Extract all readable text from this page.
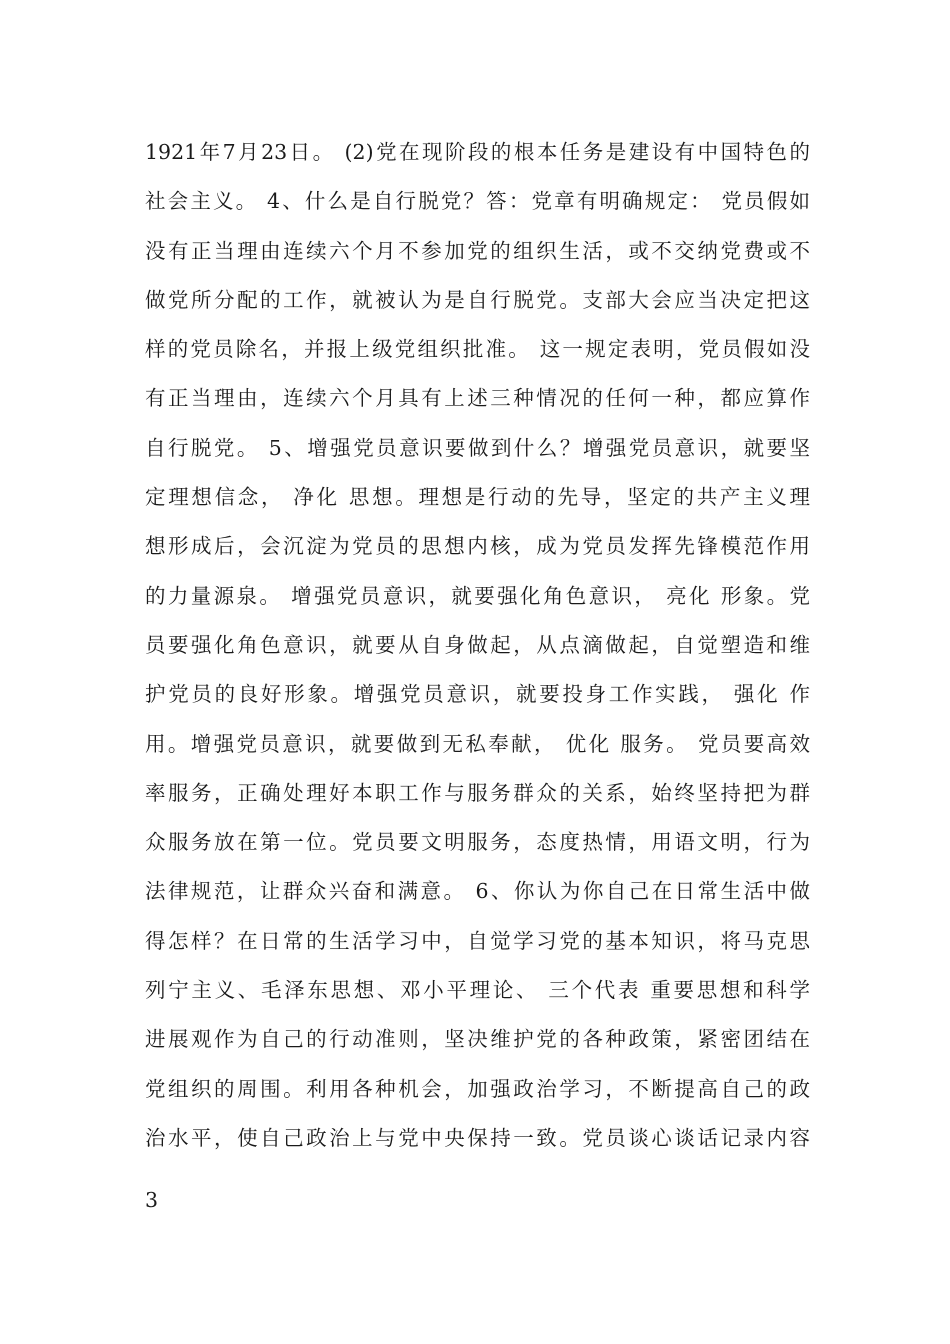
1921年7月23日。 (2)党在现阶段的根本任务是建设有中国特色的
社会主义。 4、什么是自行脱党？答：党章有明确规定： 党员假如
没有正当理由连续六个月不参加党的组织生活，或不交纳党费或不
做党所分配的工作，就被认为是自行脱党。支部大会应当决定把这
样的党员除名，并报上级党组织批准。 这一规定表明，党员假如没
有正当理由，连续六个月具有上述三种情况的任何一种，都应算作
自行脱党。 5、增强党员意识要做到什么？增强党员意识，就要坚
定理想信念， 净化 思想。理想是行动的先导，坚定的共产主义理
想形成后，会沉淀为党员的思想内核，成为党员发挥先锋模范作用
的力量源泉。 增强党员意识，就要强化角色意识， 亮化 形象。党
员要强化角色意识，就要从自身做起，从点滴做起，自觉塑造和维
护党员的良好形象。增强党员意识，就要投身工作实践， 强化 作
用。增强党员意识，就要做到无私奉献， 优化 服务。 党员要高效
率服务，正确处理好本职工作与服务群众的关系，始终坚持把为群
众服务放在第一位。党员要文明服务，态度热情，用语文明，行为
法律规范，让群众兴奋和满意。 6、你认为你自己在日常生活中做
得怎样？在日常的生活学习中，自觉学习党的基本知识，将马克思
列宁主义、毛泽东思想、邓小平理论、 三个代表 重要思想和科学
进展观作为自己的行动准则，坚决维护党的各种政策，紧密团结在
党组织的周围。利用各种机会，加强政治学习，不断提高自己的政
治水平，使自己政治上与党中央保持一致。党员谈心谈话记录内容
3
